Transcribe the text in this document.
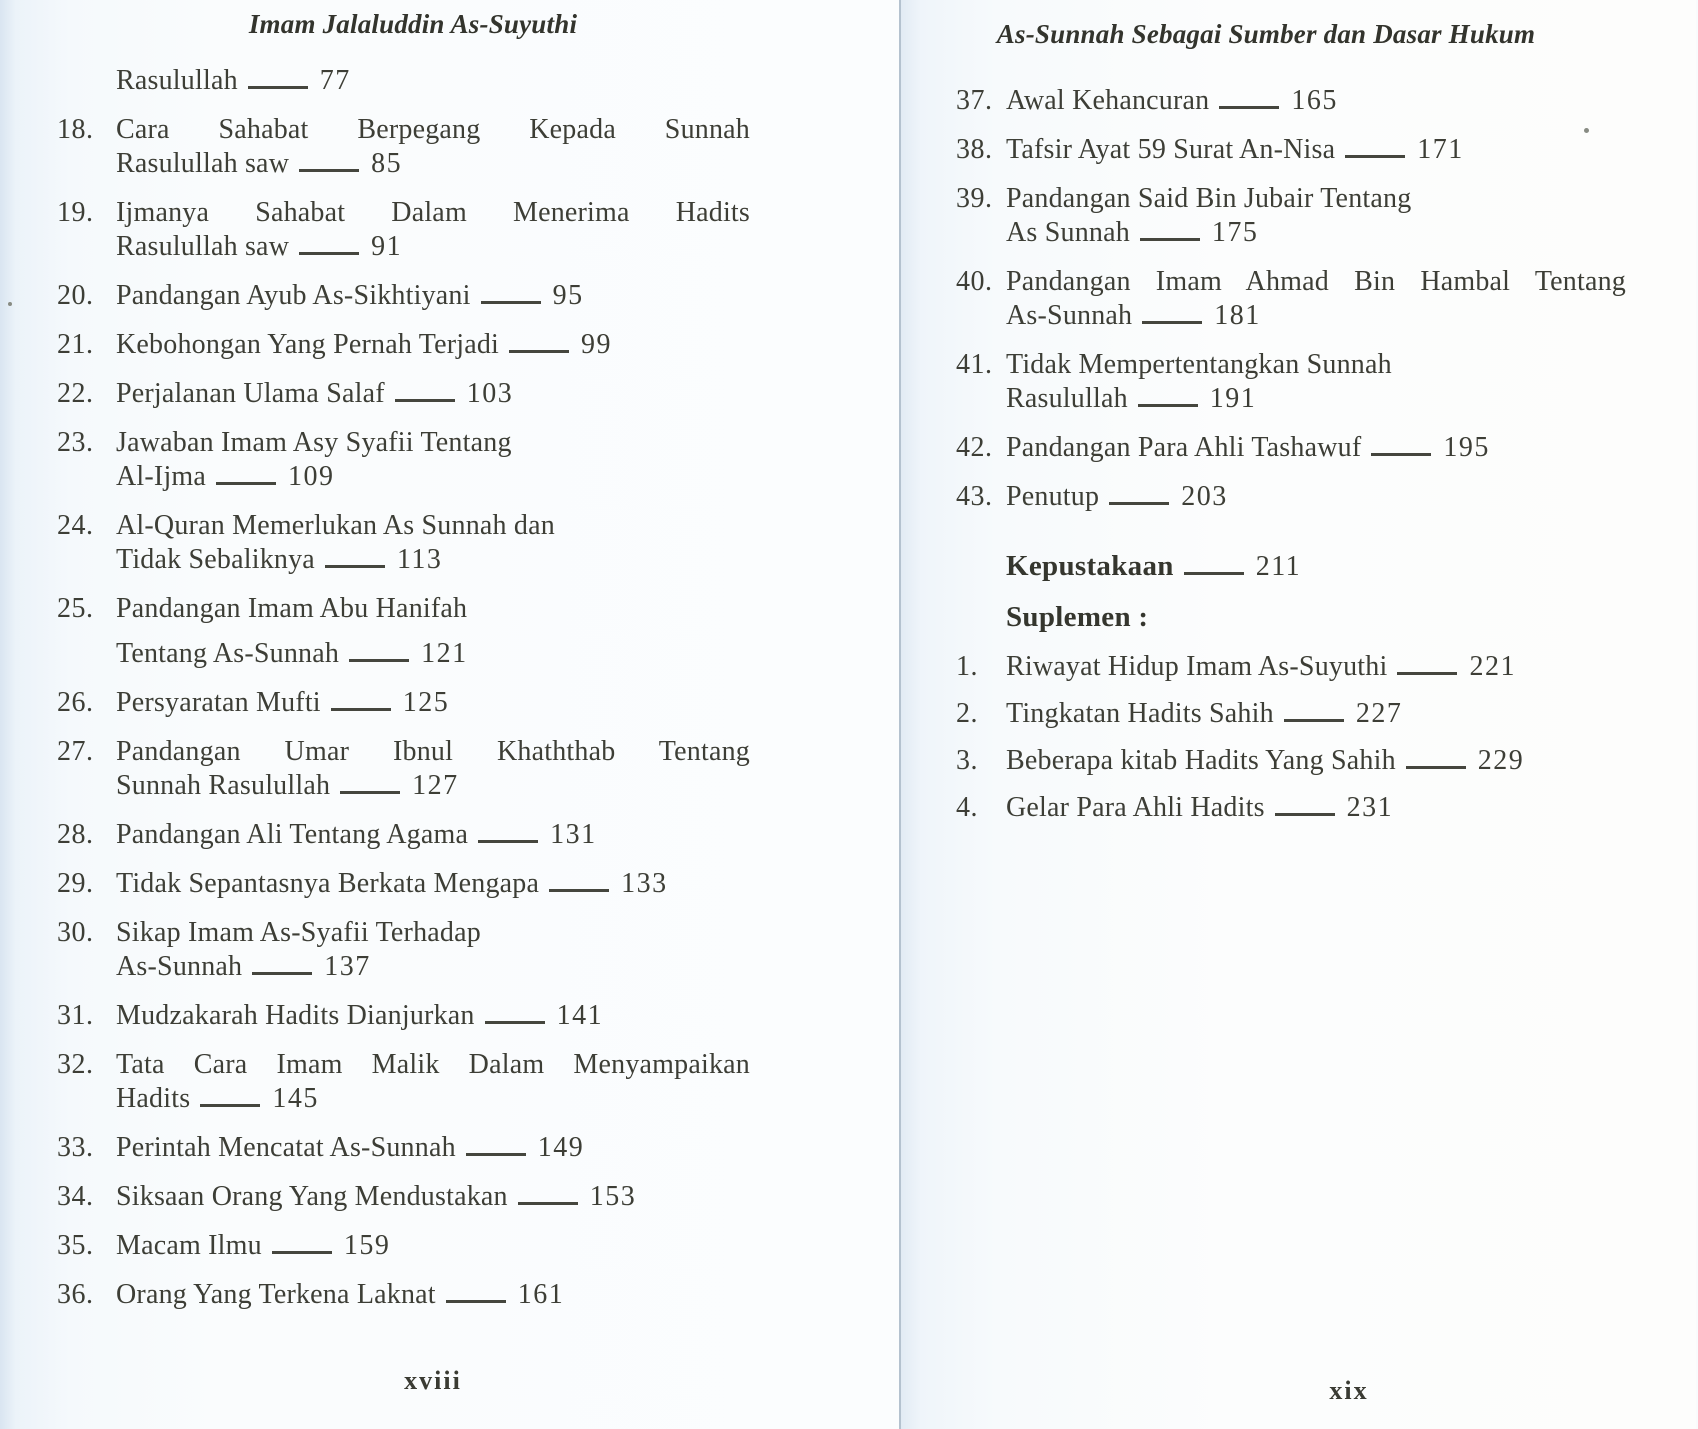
Imam Jalaluddin As-Suyuthi
Rasulullah	77
18. Cara Sahabat Berpegang Kepada Sunnah
Rasulullah saw	85
19. Ijmanya Sahabat Dalam Menerima Hadits
Rasulullah saw	91
20. Pandangan Ayub As-Sikhtiyani	95
21. Kebohongan Yang Pernah Terjadi	99
22. Perjalanan Ulama Salaf	103
23. Jawaban Imam Asy Syafii Tentang
Al-Ijma	109
24. Al-Quran Memerlukan As Sunnah dan
Tidak Sebaliknya	113
25. Pandangan Imam Abu Hanifah
Tentang As-Sunnah	121
26. Persyaratan Mufti	125
27. Pandangan Umar Ibnul Khaththab Tentang
Sunnah Rasulullah	127
28. Pandangan Ali Tentang Agama	131
29. Tidak Sepantasnya Berkata Mengapa	133
30. Sikap Imam As-Syafii Terhadap
As-Sunnah	137
31. Mudzakarah Hadits Dianjurkan	141
32. Tata Cara Imam Malik Dalam Menyampaikan
Hadits	145
33. Perintah Mencatat As-Sunnah	149
34. Siksaan Orang Yang Mendustakan	153
35. Macam Ilmu	159
36. Orang Yang Terkena Laknat	161
xviii
As-Sunnah Sebagai Sumber dan Dasar Hukum
37. Awal Kehancuran	165
38. Tafsir Ayat 59 Surat An-Nisa	171
39. Pandangan Said Bin Jubair Tentang
As Sunnah	175
40. Pandangan Imam Ahmad Bin Hambal Tentang
As-Sunnah	181
41. Tidak Mempertentangkan Sunnah
Rasulullah	191
42. Pandangan Para Ahli Tashawuf	195
43. Penutup	203
Kepustakaan	211
Suplemen :
1. Riwayat Hidup Imam As-Suyuthi	221
2. Tingkatan Hadits Sahih	227
3. Beberapa kitab Hadits Yang Sahih	229
4. Gelar Para Ahli Hadits	231
xix
